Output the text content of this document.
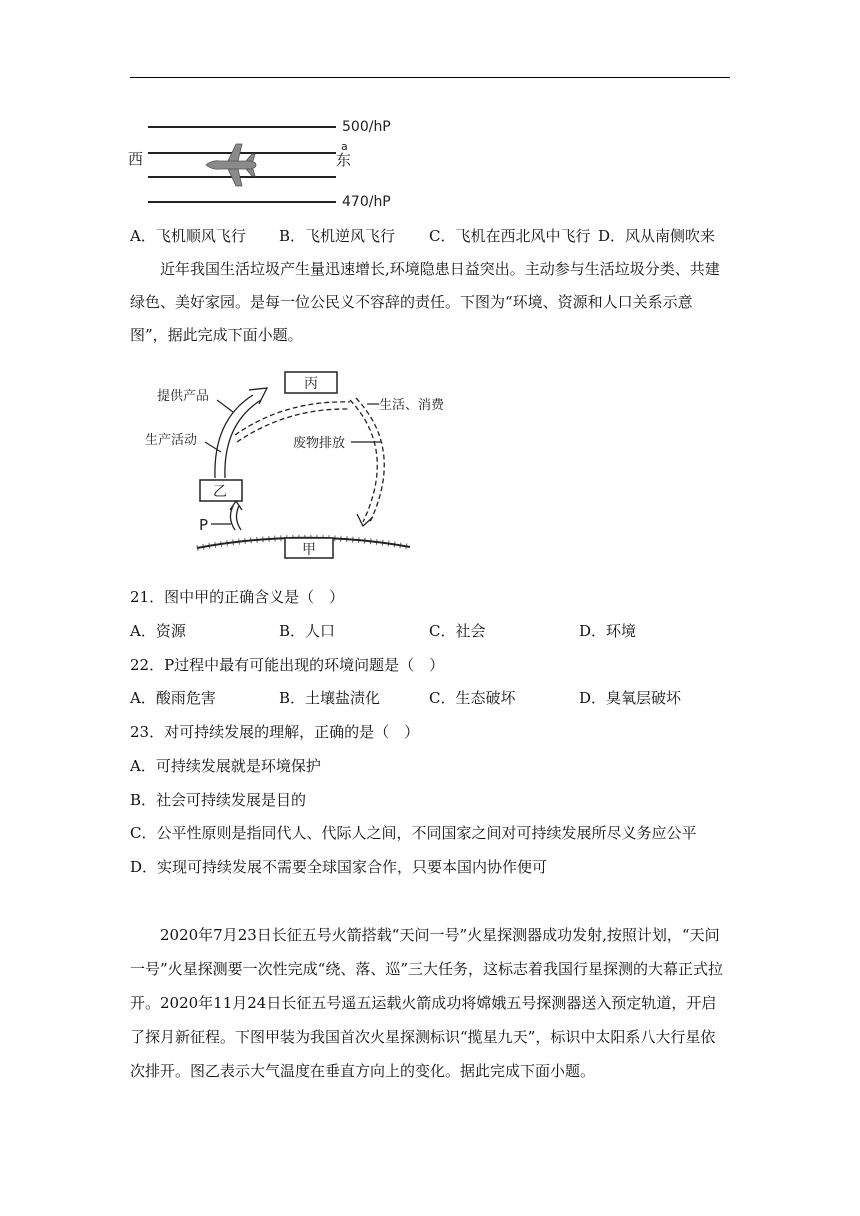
500/hP
470/hP
a
西	东
A．飞机顺风飞行 B．飞机逆风飞行 C．飞机在西北风中飞行 D．风从南侧吹来

近年我国生活垃圾产生量迅速增长,环境隐患日益突出。主动参与生活垃圾分类、共建绿色、美好家园。是每一位公民义不容辞的责任。下图为“环境、资源和人口关系示意图”，据此完成下面小题。

甲
乙
丙
P
提供产品
生产活动
生活、消费
废物排放
21．图中甲的正确含义是（　）
A．资源	B．人口	C．社会	D．环境
22．P过程中最有可能出现的环境问题是（　）
A．酸雨危害	B．土壤盐渍化	C．生态破坏	D．臭氧层破坏
23．对可持续发展的理解，正确的是（　）
A．可持续发展就是环境保护
B．社会可持续发展是目的
C．公平性原则是指同代人、代际人之间，不同国家之间对可持续发展所尽义务应公平
D．实现可持续发展不需要全球国家合作，只要本国内协作便可

2020年7月23日长征五号火箭搭载“天问一号”火星探测器成功发射,按照计划，“天问一号”火星探测要一次性完成“绕、落、巡”三大任务，这标志着我国行星探测的大幕正式拉开。2020年11月24日长征五号遥五运载火箭成功将嫦娥五号探测器送入预定轨道，开启了探月新征程。下图甲装为我国首次火星探测标识“揽星九天”，标识中太阳系八大行星依次排开。图乙表示大气温度在垂直方向上的变化。据此完成下面小题。
